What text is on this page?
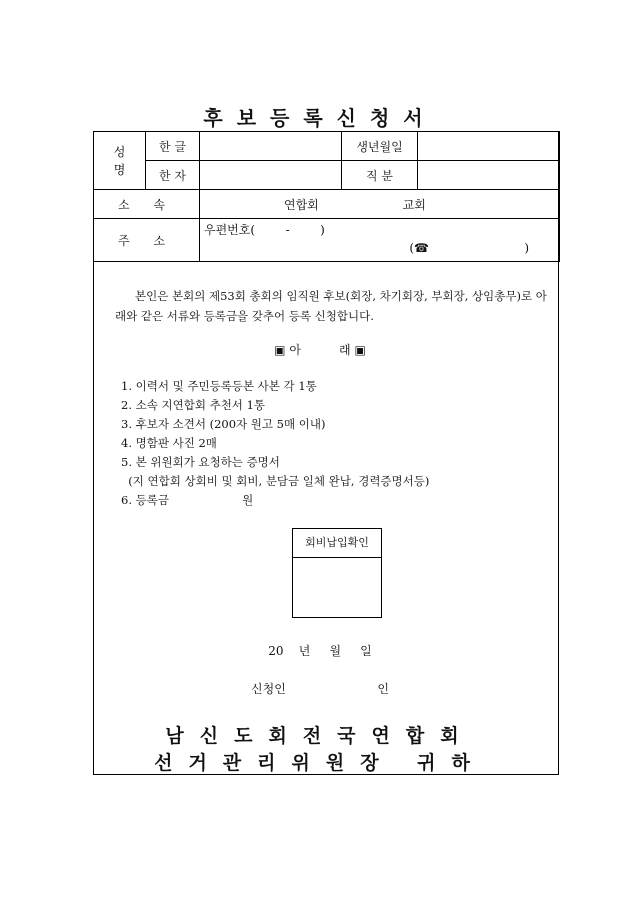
후보등록신청서
성 명	한 글		생년월일	
	한 자		직 분	
소 속		연합회 교회		
주 소		우편번호(        -        )
(☎                         )		
본인은 본회의 제53회 총회의 임직원 후보(회장, 차기회장, 부회장, 상임총무)로 아래와 같은 서류와 등록금을 갖추어 등록 신청합니다.
▣ 아          래 ▣
1. 이력서 및 주민등록등본 사본 각 1통
2. 소속 지연합회 추천서 1통
3. 후보자 소견서 (200자 원고 5매 이내)
4. 명함판 사진 2매
5. 본 위원회가 요청하는 증명서
(지 연합회 상회비 및 회비, 분담금 일체 완납, 경력증명서등)
6. 등록금                    원
회비납입확인
20    년     월     일
신청인                        인
남신도회전국연합회
선거관리위원장 귀하
